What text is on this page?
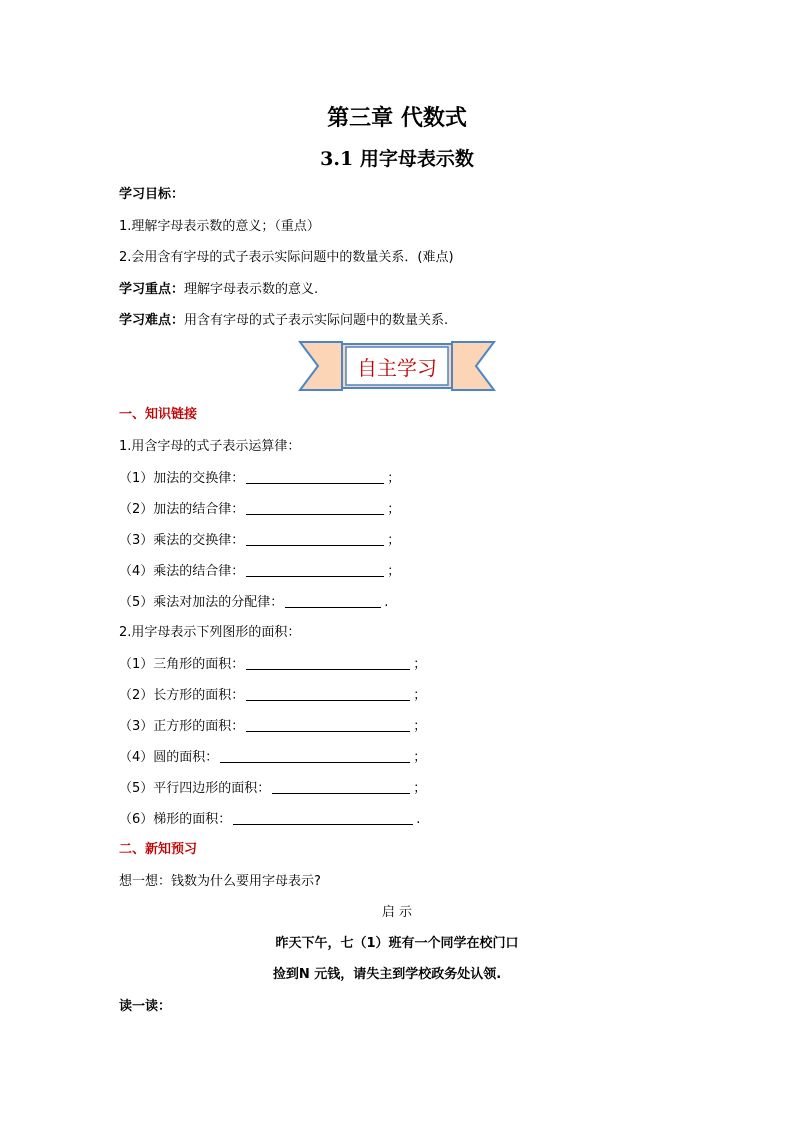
第三章 代数式
3.1 用字母表示数
学习目标：
1.理解字母表示数的意义；（重点）
2.会用含有字母的式子表示实际问题中的数量关系．(难点)
学习重点：理解字母表示数的意义.
学习难点：用含有字母的式子表示实际问题中的数量关系.
自主学习
一、知识链接
1.用含字母的式子表示运算律：
（1）加法的交换律：	；
（2）加法的结合律：	；
（3）乘法的交换律：	；
（4）乘法的结合律：	；
（5）乘法对加法的分配律：	.
2.用字母表示下列图形的面积：
（1）三角形的面积：	；
（2）长方形的面积：	；
（3）正方形的面积：	；
（4）圆的面积：	；
（5）平行四边形的面积：	；
（6）梯形的面积：	.
二、新知预习
想一想：钱数为什么要用字母表示?
启 示
昨天下午，七（1）班有一个同学在校门口
捡到N 元钱，请失主到学校政务处认领.
读一读：
